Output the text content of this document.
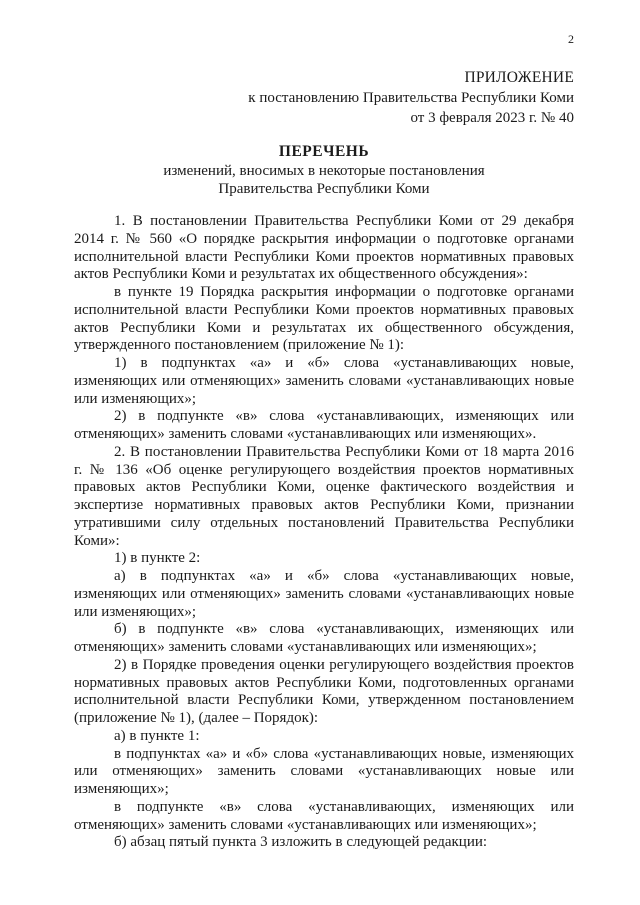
2
ПРИЛОЖЕНИЕ
к постановлению Правительства Республики Коми
от 3 февраля 2023 г. № 40
ПЕРЕЧЕНЬ
изменений, вносимых в некоторые постановления
Правительства Республики Коми

1. В постановлении Правительства Республики Коми от 29 декабря 2014 г. № 560 «О порядке раскрытия информации о подготовке органами исполнительной власти Республики Коми проектов нормативных правовых актов Республики Коми и результатах их общественного обсуждения»:

в пункте 19 Порядка раскрытия информации о подготовке органами исполнительной власти Республики Коми проектов нормативных правовых актов Республики Коми и результатах их общественного обсуждения, утвержденного постановлением (приложение № 1):

1) в подпунктах «а» и «б» слова «устанавливающих новые, изменяющих или отменяющих» заменить словами «устанавливающих новые или изменяющих»;

2) в подпункте «в» слова «устанавливающих, изменяющих или отменяющих» заменить словами «устанавливающих или изменяющих».

2. В постановлении Правительства Республики Коми от 18 марта 2016 г. № 136 «Об оценке регулирующего воздействия проектов нормативных правовых актов Республики Коми, оценке фактического воздействия и экспертизе нормативных правовых актов Республики Коми, признании утратившими силу отдельных постановлений Правительства Республики Коми»:

1) в пункте 2:

а) в подпунктах «а» и «б» слова «устанавливающих новые, изменяющих или отменяющих» заменить словами «устанавливающих новые или изменяющих»;

б) в подпункте «в» слова «устанавливающих, изменяющих или отменяющих» заменить словами «устанавливающих или изменяющих»;

2) в Порядке проведения оценки регулирующего воздействия проектов нормативных правовых актов Республики Коми, подготовленных органами исполнительной власти Республики Коми, утвержденном постановлением (приложение № 1), (далее – Порядок):

а) в пункте 1:

в подпунктах «а» и «б» слова «устанавливающих новые, изменяющих или отменяющих» заменить словами «устанавливающих новые или изменяющих»;

в подпункте «в» слова «устанавливающих, изменяющих или отменяющих» заменить словами «устанавливающих или изменяющих»;

б) абзац пятый пункта 3 изложить в следующей редакции:
